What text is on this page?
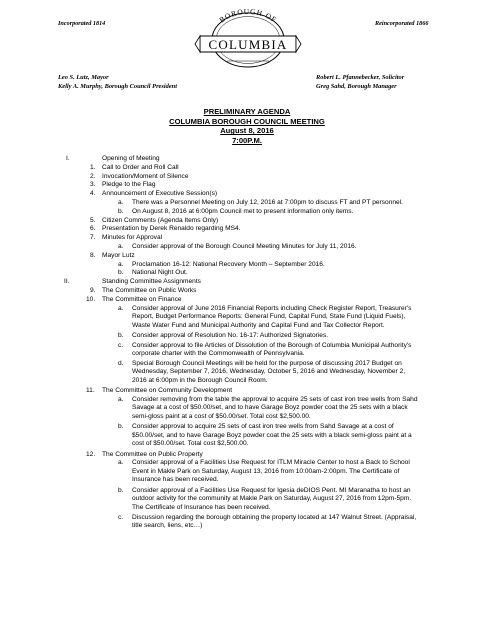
Incorporated 1814	Reincorporated 1866
BOROUGH OF
COLUMBIA
Leo S. Lutz, Mayor
Kelly A. Murphy, Borough Council President
Robert L. Pfannebecker, Solicitor
Greg Sahd, Borough Manager
PRELIMINARY AGENDA
COLUMBIA BOROUGH COUNCIL MEETING
August 8, 2016
7:00P.M.
I.	Opening of Meeting
1. Call to Order and Roll Call
2. Invocation/Moment of Silence
3. Pledge to the Flag
4. Announcement of Executive Session(s)
a. There was a Personnel Meeting on July 12, 2016 at 7:00pm to discuss FT and PT personnel.
b. On August 8, 2016 at 6:00pm Council met to present information only items.
5. Citizen Comments (Agenda Items Only)
6. Presentation by Derek Renaldo regarding MS4.
7. Minutes for Approval
a. Consider approval of the Borough Council Meeting Minutes for July 11, 2016.
8. Mayor Lutz
a. Proclamation 16-12: National Recovery Month – September 2016.
b. National Night Out.
II.	Standing Committee Assignments
9. The Committee on Public Works
10. The Committee on Finance
a. Consider approval of June 2016 Financial Reports including Check Register Report, Treasurer's
Report, Budget Performance Reports: General Fund, Capital Fund, State Fund (Liquid Fuels),
Waste Water Fund and Municipal Authority and Capital Fund and Tax Collector Report.
b. Consider approval of Resolution No. 16-17: Authorized Signatories.
c. Consider approval to file Articles of Dissolution of the Borough of Columbia Municipal Authority's
corporate charter with the Commonwealth of Pennsylvania.
d. Special Borough Council Meetings will be held for the purpose of discussing 2017 Budget on
Wednesday, September 7, 2016, Wednesday, October 5, 2016 and Wednesday, November 2,
2016 at 6:00pm in the Borough Council Room.
11. The Committee on Community Development
a. Consider removing from the table the approval to acquire 25 sets of cast iron tree wells from Sahd
Savage at a cost of $50.00/set, and to have Garage Boyz powder coat the 25 sets with a black
semi-gloss paint at a cost of $50.00/set. Total cost $2,500.00.
b. Consider approval to acquire 25 sets of cast iron tree wells from Sahd Savage at a cost of
$50.00/set, and to have Garage Boyz powder coat the 25 sets with a black semi-gloss paint at a
cost of $50.00/set. Total cost $2,500.00.
12. The Committee on Public Property
a. Consider approval of a Facilities Use Request for ITLM Miracle Center to host a Back to School
Event in Makle Park on Saturday, August 13, 2016 from 10:00am-2:00pm. The Certificate of
Insurance has been received.
b. Consider approval of a Facilities Use Request for Igesia deDIOS Pent. MI Maranatha to host an
outdoor activity for the community at Makle Park on Saturday, August 27, 2016 from 12pm-5pm.
The Certificate of Insurance has been received.
c. Discussion regarding the borough obtaining the property located at 147 Walnut Street. (Appraisal,
title search, liens, etc…)
